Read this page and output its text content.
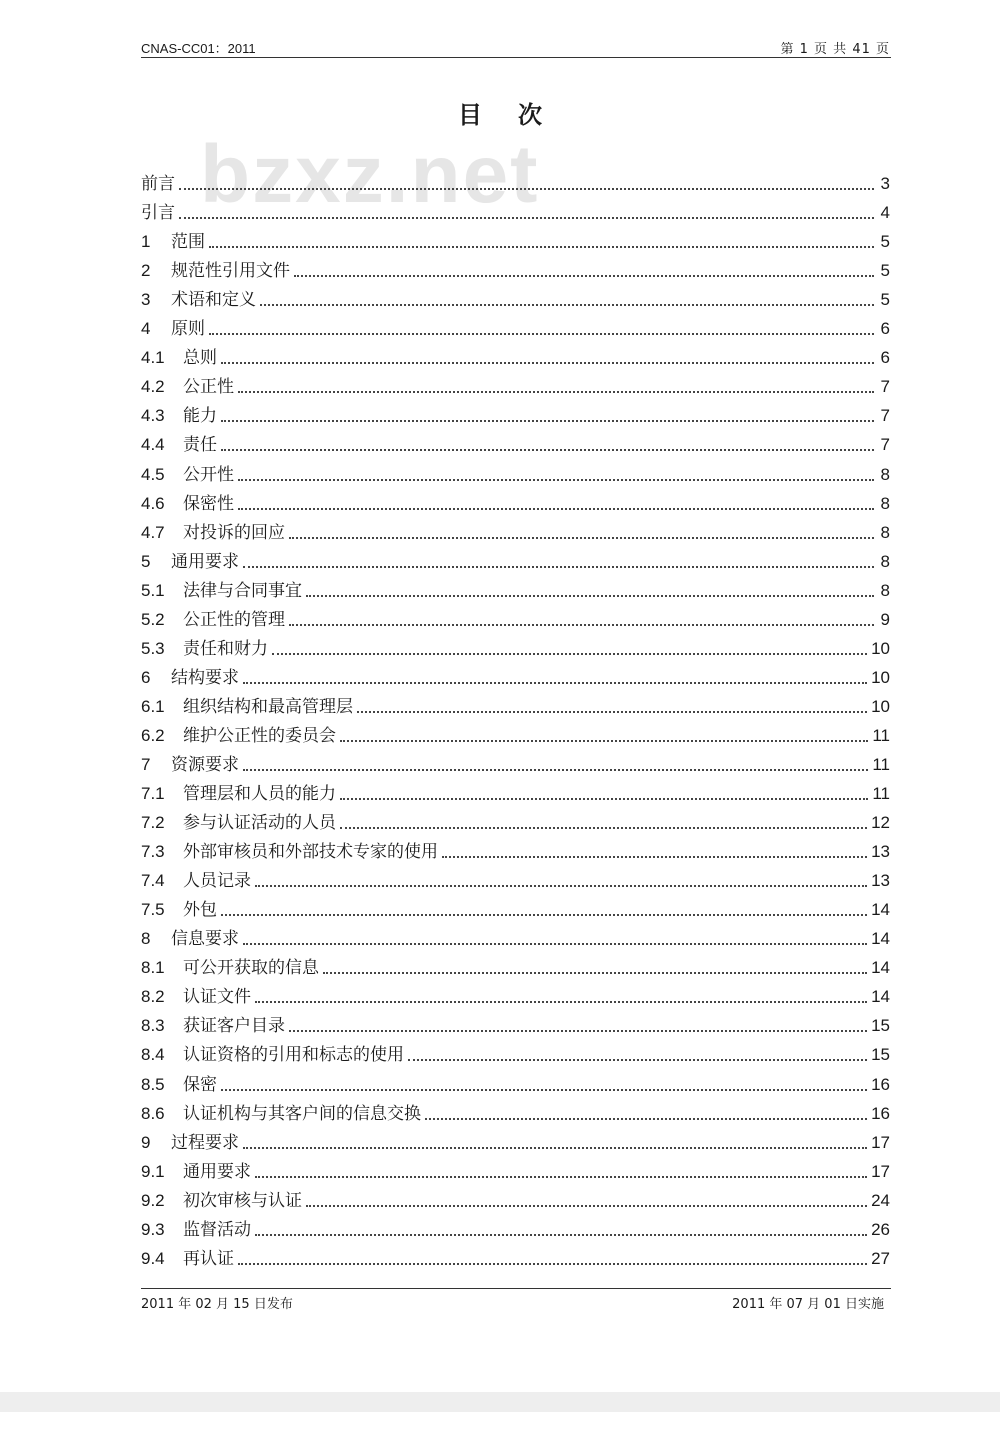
CNAS-CC01：2011	第 1 页 共 41 页
目次
bzxz.net
前言	3
引言	4
1	范围	5
2	规范性引用文件	5
3	术语和定义	5
4	原则	6
4.1	总则	6
4.2	公正性	7
4.3	能力	7
4.4	责任	7
4.5	公开性	8
4.6	保密性	8
4.7	对投诉的回应	8
5	通用要求	8
5.1	法律与合同事宜	8
5.2	公正性的管理	9
5.3	责任和财力	10
6	结构要求	10
6.1	组织结构和最高管理层	10
6.2	维护公正性的委员会	11
7	资源要求	11
7.1	管理层和人员的能力	11
7.2	参与认证活动的人员	12
7.3	外部审核员和外部技术专家的使用	13
7.4	人员记录	13
7.5	外包	14
8	信息要求	14
8.1	可公开获取的信息	14
8.2	认证文件	14
8.3	获证客户目录	15
8.4	认证资格的引用和标志的使用	15
8.5	保密	16
8.6	认证机构与其客户间的信息交换	16
9	过程要求	17
9.1	通用要求	17
9.2	初次审核与认证	24
9.3	监督活动	26
9.4	再认证	27
2011 年 02 月 15 日发布	2011 年 07 月 01 日实施
